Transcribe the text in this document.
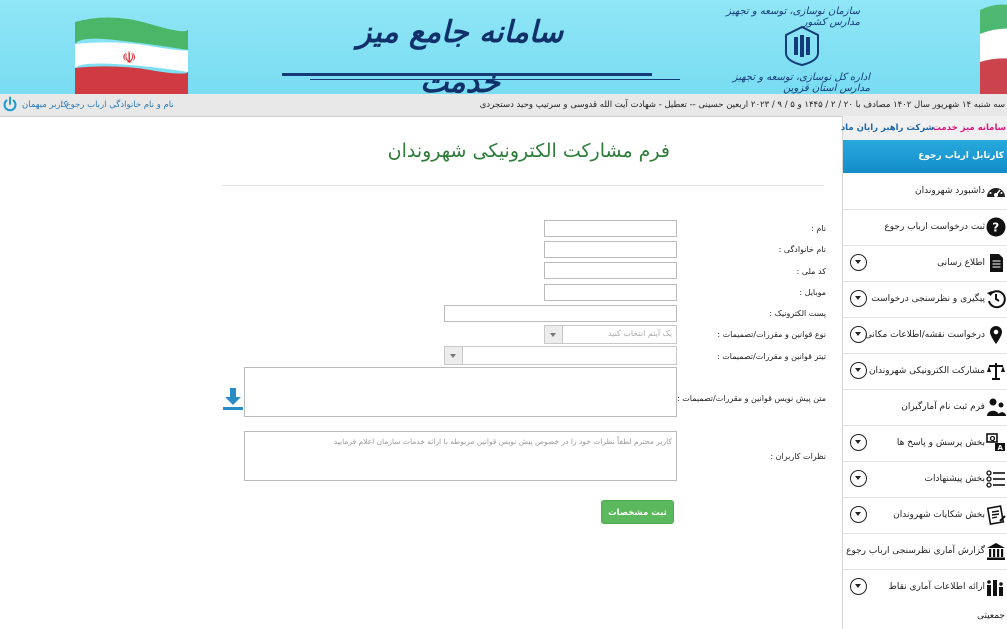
☫
سامانه جامع میز
سازمان نوسازی، توسعه و تجهیز مدارس کشور
اداره کل نوسازی، توسعه و تجهیز مدارس استان قزوین
سه شنبه ۱۴ شهریور سال ۱۴۰۲ مصادف با ۲۰ / ۲ / ۱۴۴۵ و ۵ / ۹ / ۲۰۲۳ اربعین حسینی -- تعطیل - شهادت آیت الله قدوسی و سرتیپ وحید دستجردی
نام و نام خانوادگی ارباب رجوع :
کاربر میهمان
سامانه میز خدمت
شرکت راهبر رایان ماد
کارتابل ارباب رجوع
داشبورد شهروندان
?
ثبت درخواست ارباب رجوع
اطلاع رسانی
پیگیری و نظرسنجی درخواست
درخواست نقشه/اطلاعات مکانی
مشارکت الکترونیکی شهروندان
فرم ثبت نام آمارگیران
Q
A
بخش پرسش و پاسخ ها
بخش پیشنهادات
بخش شکایات شهروندان
گزارش آماری نظرسنجی ارباب رجوع
ارائه اطلاعات آماری نقاط
جمعیتی
فرم مشارکت الکترونیکی شهروندان
نام :
نام خانوادگی :
کد ملی :
موبایل :
پست الکترونیک :
نوع قوانین و مقررات/تصمیمات :
یک آیتم انتخاب کنید
تیتر قوانین و مقررات/تصمیمات :
متن پیش نویس قوانین و مقررات/تصمیمات :
نظرات کاربران :
کاربر محترم لطفاً نظرات خود را در خصوص پیش نویس قوانین مربوطه با ارائه خدمات سازمان اعلام فرمایید
ثبت مشخصات
